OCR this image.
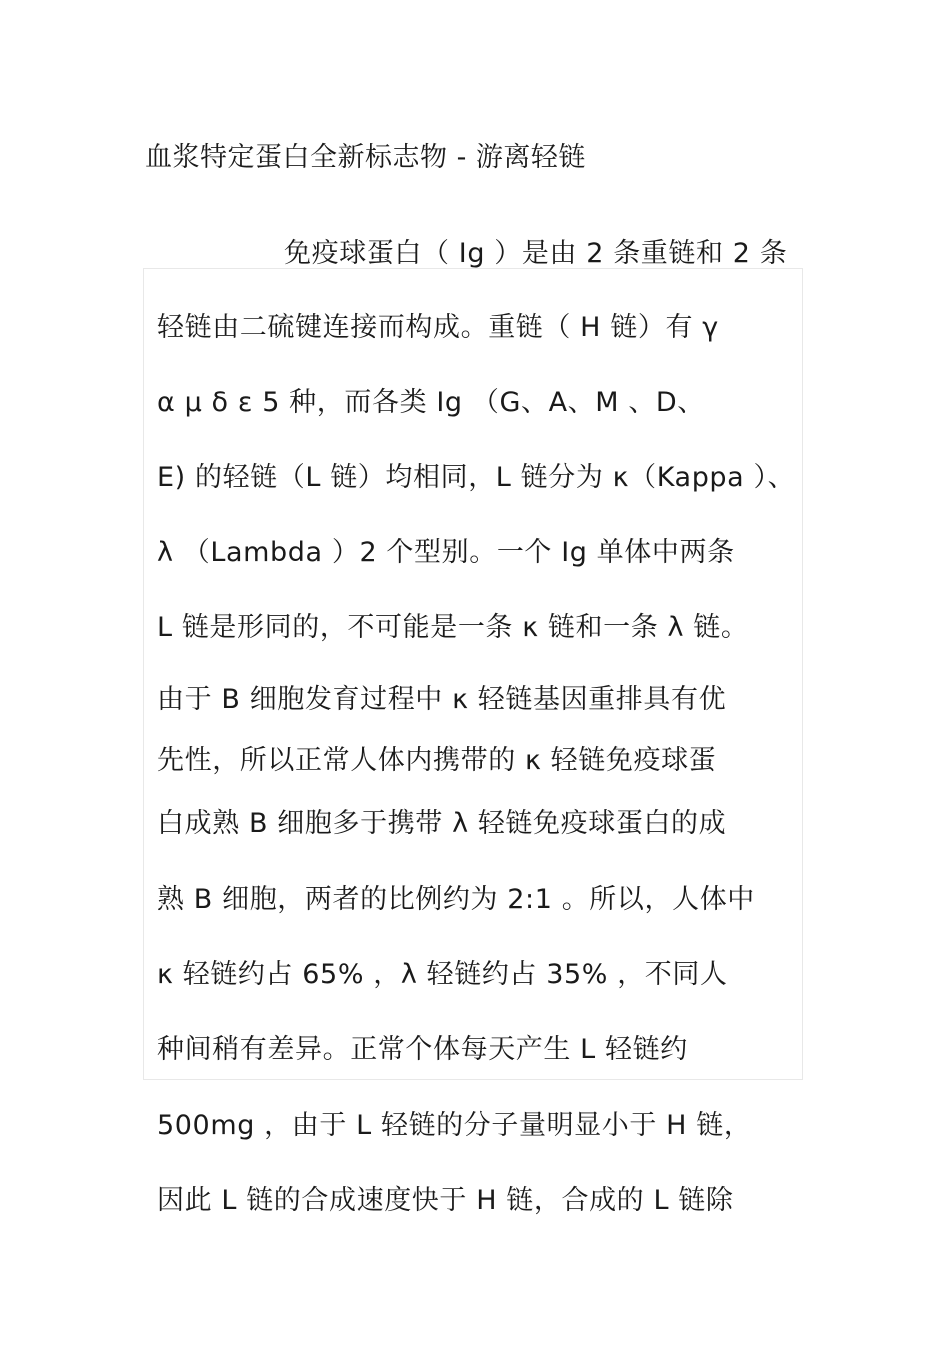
血浆特定蛋白全新标志物 - 游离轻链
免疫球蛋白（ Ig ）是由 2 条重链和 2 条
轻链由二硫键连接而构成。重链（ H 链）有 γ
α μ δ ε 5 种，而各类 Ig （G、A、M 、D、
E) 的轻链（L 链）均相同，L 链分为 κ（Kappa ）、
λ （Lambda ）2 个型别。一个 Ig 单体中两条
L 链是形同的，不可能是一条 κ 链和一条 λ 链。
由于 B 细胞发育过程中 κ 轻链基因重排具有优
先性，所以正常人体内携带的 κ 轻链免疫球蛋
白成熟 B 细胞多于携带 λ 轻链免疫球蛋白的成
熟 B 细胞，两者的比例约为 2:1 。所以，人体中
κ 轻链约占 65% ，λ 轻链约占 35% ，不同人
种间稍有差异。正常个体每天产生 L 轻链约
500mg ，由于 L 轻链的分子量明显小于 H 链，
因此 L 链的合成速度快于 H 链，合成的 L 链除
